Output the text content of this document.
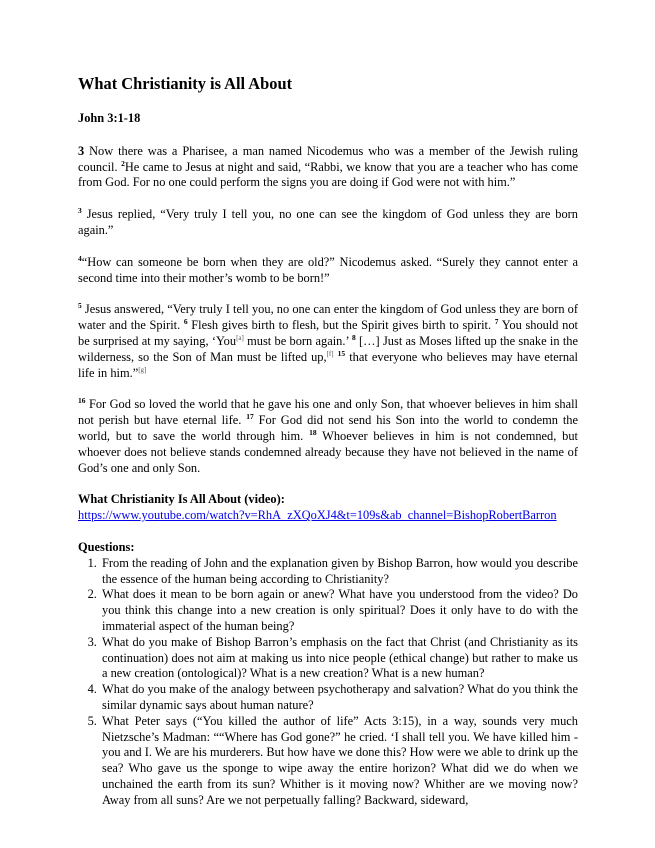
What Christianity is All About
John 3:1-18

3 Now there was a Pharisee, a man named Nicodemus who was a member of the Jewish ruling council. $^2$He came to Jesus at night and said, “Rabbi, we know that you are a teacher who has come from God. For no one could perform the signs you are doing if God were not with him.”

$^3$ Jesus replied, “Very truly I tell you, no one can see the kingdom of God unless they are born again.”

$^4$“How can someone be born when they are old?” Nicodemus asked. “Surely they cannot enter a second time into their mother’s womb to be born!”

$^5$ Jesus answered, “Very truly I tell you, no one can enter the kingdom of God unless they are born of water and the Spirit. $^6$ Flesh gives birth to flesh, but the Spirit gives birth to spirit. $^7$ You should not be surprised at my saying, ‘You[a] must be born again.’ $^8$ […] Just as Moses lifted up the snake in the wilderness, so the Son of Man must be lifted up,[f] $^{15}$ that everyone who believes may have eternal life in him.”[g]

$^{16}$ For God so loved the world that he gave his one and only Son, that whoever believes in him shall not perish but have eternal life. $^{17}$ For God did not send his Son into the world to condemn the world, but to save the world through him. $^{18}$ Whoever believes in him is not condemned, but whoever does not believe stands condemned already because they have not believed in the name of God’s one and only Son.

What Christianity Is All About (video):
https://www.youtube.com/watch?v=RhA_zXQoXJ4&t=109s&ab_channel=BishopRobertBarron
Questions:
1. From the reading of John and the explanation given by Bishop Barron, how would you describe the essence of the human being according to Christianity?
2. What does it mean to be born again or anew? What have you understood from the video? Do you think this change into a new creation is only spiritual? Does it only have to do with the immaterial aspect of the human being?
3. What do you make of Bishop Barron’s emphasis on the fact that Christ (and Christianity as its continuation) does not aim at making us into nice people (ethical change) but rather to make us a new creation (ontological)? What is a new creation? What is a new human?
4. What do you make of the analogy between psychotherapy and salvation? What do you think the similar dynamic says about human nature?
5. What Peter says (“You killed the author of life” Acts 3:15), in a way, sounds very much Nietzsche’s Madman: ““Where has God gone?” he cried. ‘I shall tell you. We have killed him - you and I. We are his murderers. But how have we done this? How were we able to drink up the sea? Who gave us the sponge to wipe away the entire horizon? What did we do when we unchained the earth from its sun? Whither is it moving now? Whither are we moving now? Away from all suns? Are we not perpetually falling? Backward, sideward,
